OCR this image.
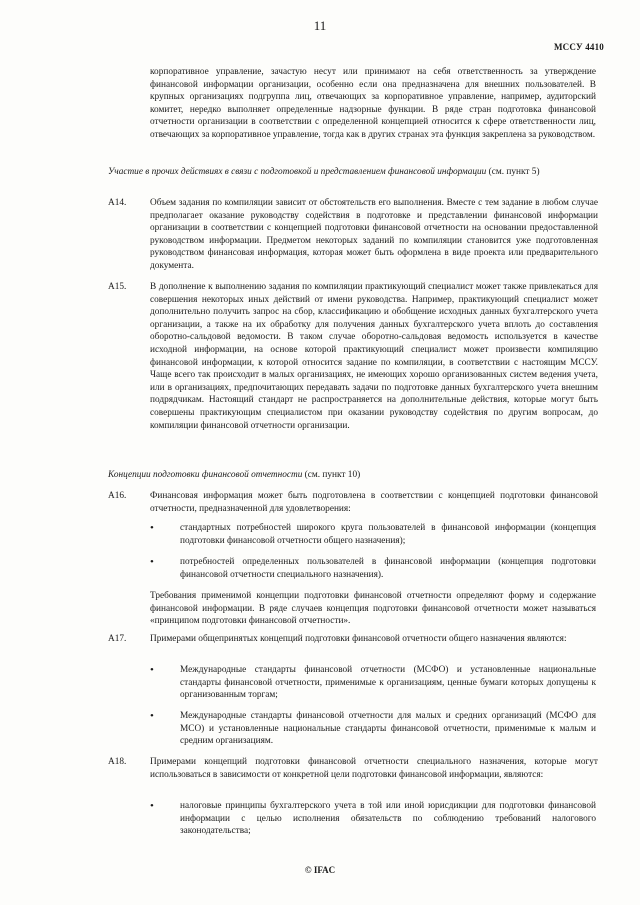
11
МССУ 4410
корпоративное управление, зачастую несут или принимают на себя ответственность за утверждение финансовой информации организации, особенно если она предназначена для внешних пользователей. В крупных организациях подгруппа лиц, отвечающих за корпоративное управление, например, аудиторский комитет, нередко выполняет определенные надзорные функции. В ряде стран подготовка финансовой отчетности организации в соответствии с определенной концепцией относится к сфере ответственности лиц, отвечающих за корпоративное управление, тогда как в других странах эта функция закреплена за руководством.
Участие в прочих действиях в связи с подготовкой и представлением финансовой информации (см. пункт 5)
A14.	Объем задания по компиляции зависит от обстоятельств его выполнения. Вместе с тем задание в любом случае предполагает оказание руководству содействия в подготовке и представлении финансовой информации организации в соответствии с концепцией подготовки финансовой отчетности на основании предоставленной руководством информации. Предметом некоторых заданий по компиляции становится уже подготовленная руководством финансовая информация, которая может быть оформлена в виде проекта или предварительного документа.
A15.	В дополнение к выполнению задания по компиляции практикующий специалист может также привлекаться для совершения некоторых иных действий от имени руководства. Например, практикующий специалист может дополнительно получить запрос на сбор, классификацию и обобщение исходных данных бухгалтерского учета организации, а также на их обработку для получения данных бухгалтерского учета вплоть до составления оборотно-сальдовой ведомости. В таком случае оборотно-сальдовая ведомость используется в качестве исходной информации, на основе которой практикующий специалист может произвести компиляцию финансовой информации, к которой относится задание по компиляции, в соответствии с настоящим МССУ. Чаще всего так происходит в малых организациях, не имеющих хорошо организованных систем ведения учета, или в организациях, предпочитающих передавать задачи по подготовке данных бухгалтерского учета внешним подрядчикам. Настоящий стандарт не распространяется на дополнительные действия, которые могут быть совершены практикующим специалистом при оказании руководству содействия по другим вопросам, до компиляции финансовой отчетности организации.
Концепции подготовки финансовой отчетности (см. пункт 10)
A16.	Финансовая информация может быть подготовлена в соответствии с концепцией подготовки финансовой отчетности, предназначенной для удовлетворения:
•	стандартных потребностей широкого круга пользователей в финансовой информации (концепция подготовки финансовой отчетности общего назначения);
•	потребностей определенных пользователей в финансовой информации (концепция подготовки финансовой отчетности специального назначения).
Требования применимой концепции подготовки финансовой отчетности определяют форму и содержание финансовой информации. В ряде случаев концепция подготовки финансовой отчетности может называться «принципом подготовки финансовой отчетности».
A17.	Примерами общепринятых концепций подготовки финансовой отчетности общего назначения являются:
•	Международные стандарты финансовой отчетности (МСФО) и установленные национальные стандарты финансовой отчетности, применимые к организациям, ценные бумаги которых допущены к организованным торгам;
•	Международные стандарты финансовой отчетности для малых и средних организаций (МСФО для МСО) и установленные национальные стандарты финансовой отчетности, применимые к малым и средним организациям.
A18.	Примерами концепций подготовки финансовой отчетности специального назначения, которые могут использоваться в зависимости от конкретной цели подготовки финансовой информации, являются:
•	налоговые принципы бухгалтерского учета в той или иной юрисдикции для подготовки финансовой информации с целью исполнения обязательств по соблюдению требований налогового законодательства;
© IFAC
